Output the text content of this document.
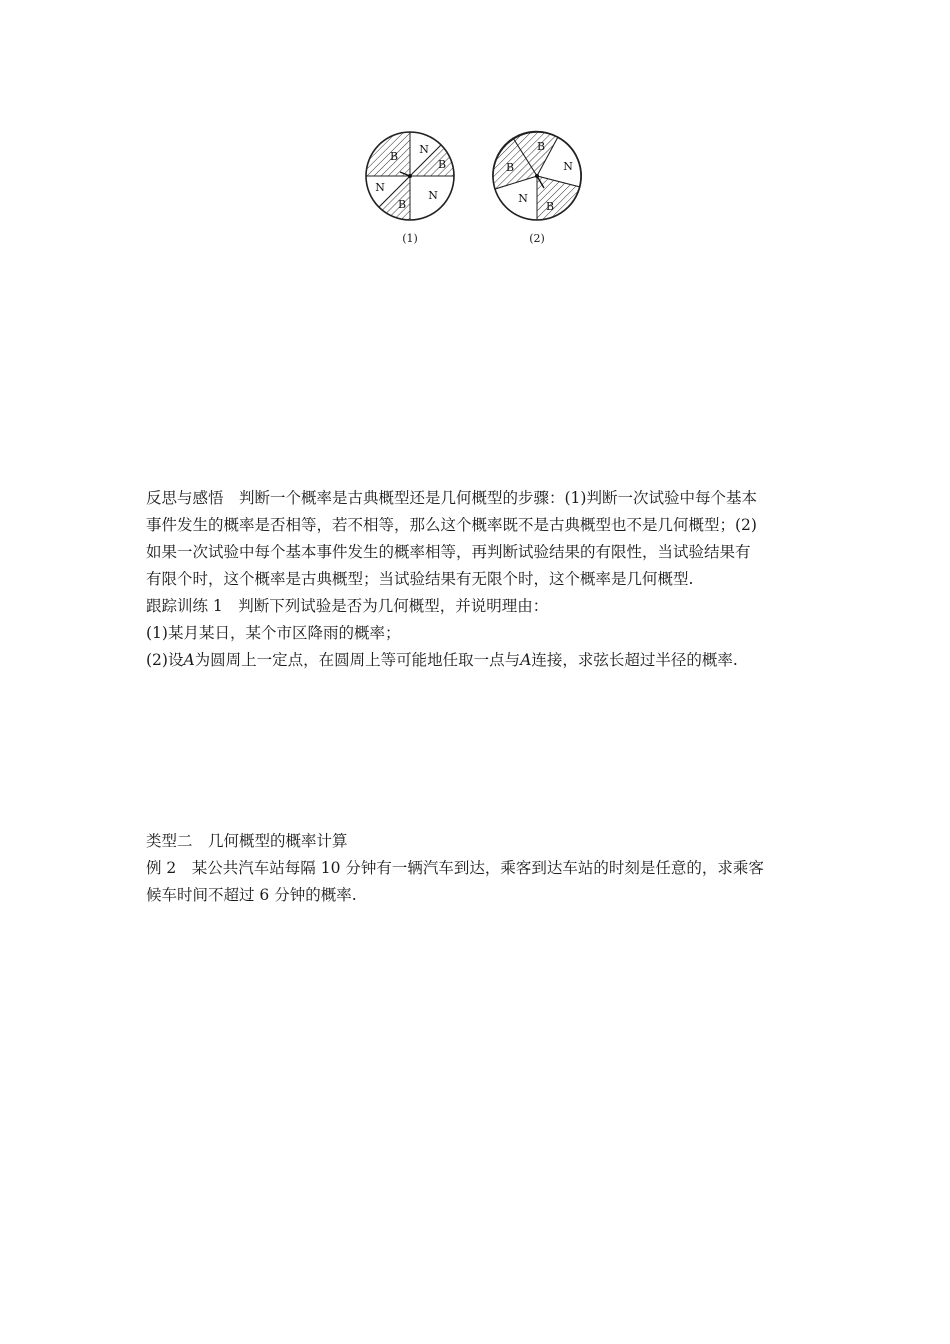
B
N
B
N
B
N
B
B	N
N
B
(1)	(2)

反思与感悟　判断一个概率是古典概型还是几何概型的步骤：(1)判断一次试验中每个基本

事件发生的概率是否相等，若不相等，那么这个概率既不是古典概型也不是几何概型；(2)

如果一次试验中每个基本事件发生的概率相等，再判断试验结果的有限性，当试验结果有

有限个时，这个概率是古典概型；当试验结果有无限个时，这个概率是几何概型.

跟踪训练 1　判断下列试验是否为几何概型，并说明理由：

(1)某月某日，某个市区降雨的概率；

(2)设A为圆周上一定点，在圆周上等可能地任取一点与A连接，求弦长超过半径的概率.

类型二　几何概型的概率计算

例 2　某公共汽车站每隔 10 分钟有一辆汽车到达，乘客到达车站的时刻是任意的，求乘客

候车时间不超过 6 分钟的概率.
